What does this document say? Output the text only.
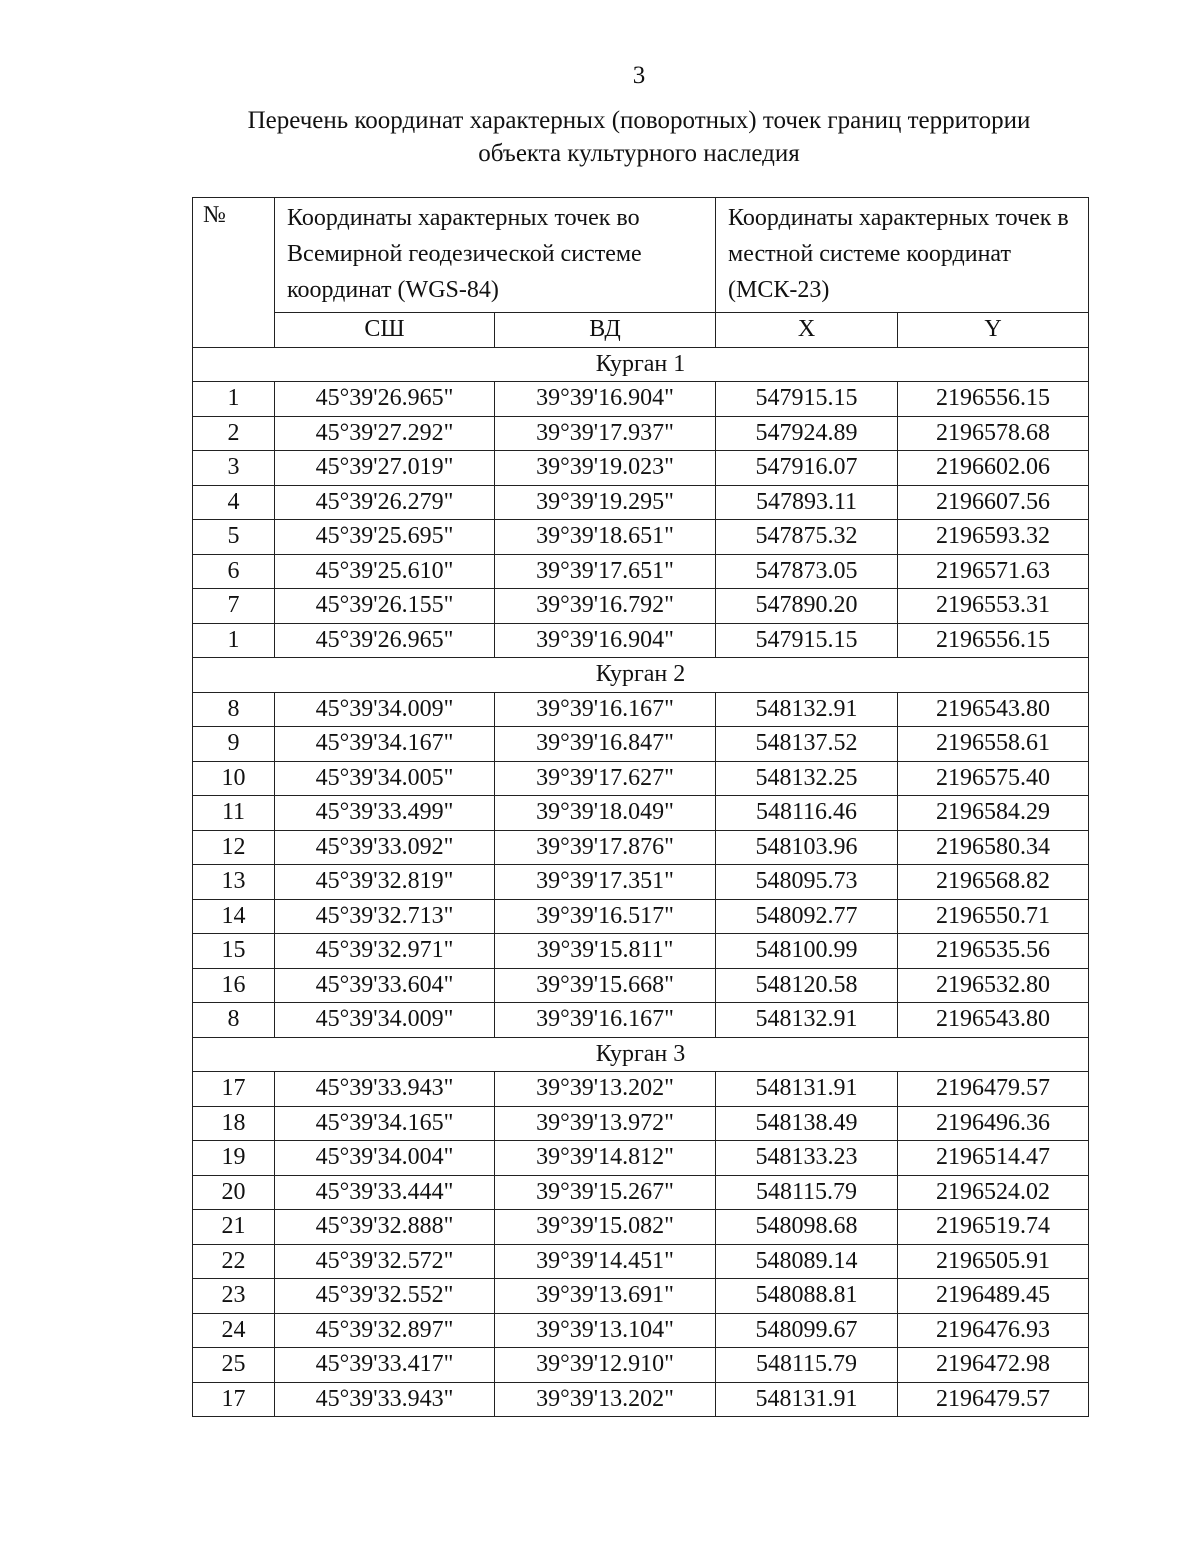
3
Перечень координат характерных (поворотных) точек границ территории
объекта культурного наследия
№	Координаты характерных точек во Всемирной геодезической системе координат (WGS-84)		Координаты характерных точек в местной системе координат (МСК-23)	
	СШ	ВД	X	Y
Курган 1				
1	45°39'26.965"	39°39'16.904"	547915.15	2196556.15
2	45°39'27.292"	39°39'17.937"	547924.89	2196578.68
3	45°39'27.019"	39°39'19.023"	547916.07	2196602.06
4	45°39'26.279"	39°39'19.295"	547893.11	2196607.56
5	45°39'25.695"	39°39'18.651"	547875.32	2196593.32
6	45°39'25.610"	39°39'17.651"	547873.05	2196571.63
7	45°39'26.155"	39°39'16.792"	547890.20	2196553.31
1	45°39'26.965"	39°39'16.904"	547915.15	2196556.15
Курган 2				
8	45°39'34.009"	39°39'16.167"	548132.91	2196543.80
9	45°39'34.167"	39°39'16.847"	548137.52	2196558.61
10	45°39'34.005"	39°39'17.627"	548132.25	2196575.40
11	45°39'33.499"	39°39'18.049"	548116.46	2196584.29
12	45°39'33.092"	39°39'17.876"	548103.96	2196580.34
13	45°39'32.819"	39°39'17.351"	548095.73	2196568.82
14	45°39'32.713"	39°39'16.517"	548092.77	2196550.71
15	45°39'32.971"	39°39'15.811"	548100.99	2196535.56
16	45°39'33.604"	39°39'15.668"	548120.58	2196532.80
8	45°39'34.009"	39°39'16.167"	548132.91	2196543.80
Курган 3				
17	45°39'33.943"	39°39'13.202"	548131.91	2196479.57
18	45°39'34.165"	39°39'13.972"	548138.49	2196496.36
19	45°39'34.004"	39°39'14.812"	548133.23	2196514.47
20	45°39'33.444"	39°39'15.267"	548115.79	2196524.02
21	45°39'32.888"	39°39'15.082"	548098.68	2196519.74
22	45°39'32.572"	39°39'14.451"	548089.14	2196505.91
23	45°39'32.552"	39°39'13.691"	548088.81	2196489.45
24	45°39'32.897"	39°39'13.104"	548099.67	2196476.93
25	45°39'33.417"	39°39'12.910"	548115.79	2196472.98
17	45°39'33.943"	39°39'13.202"	548131.91	2196479.57
